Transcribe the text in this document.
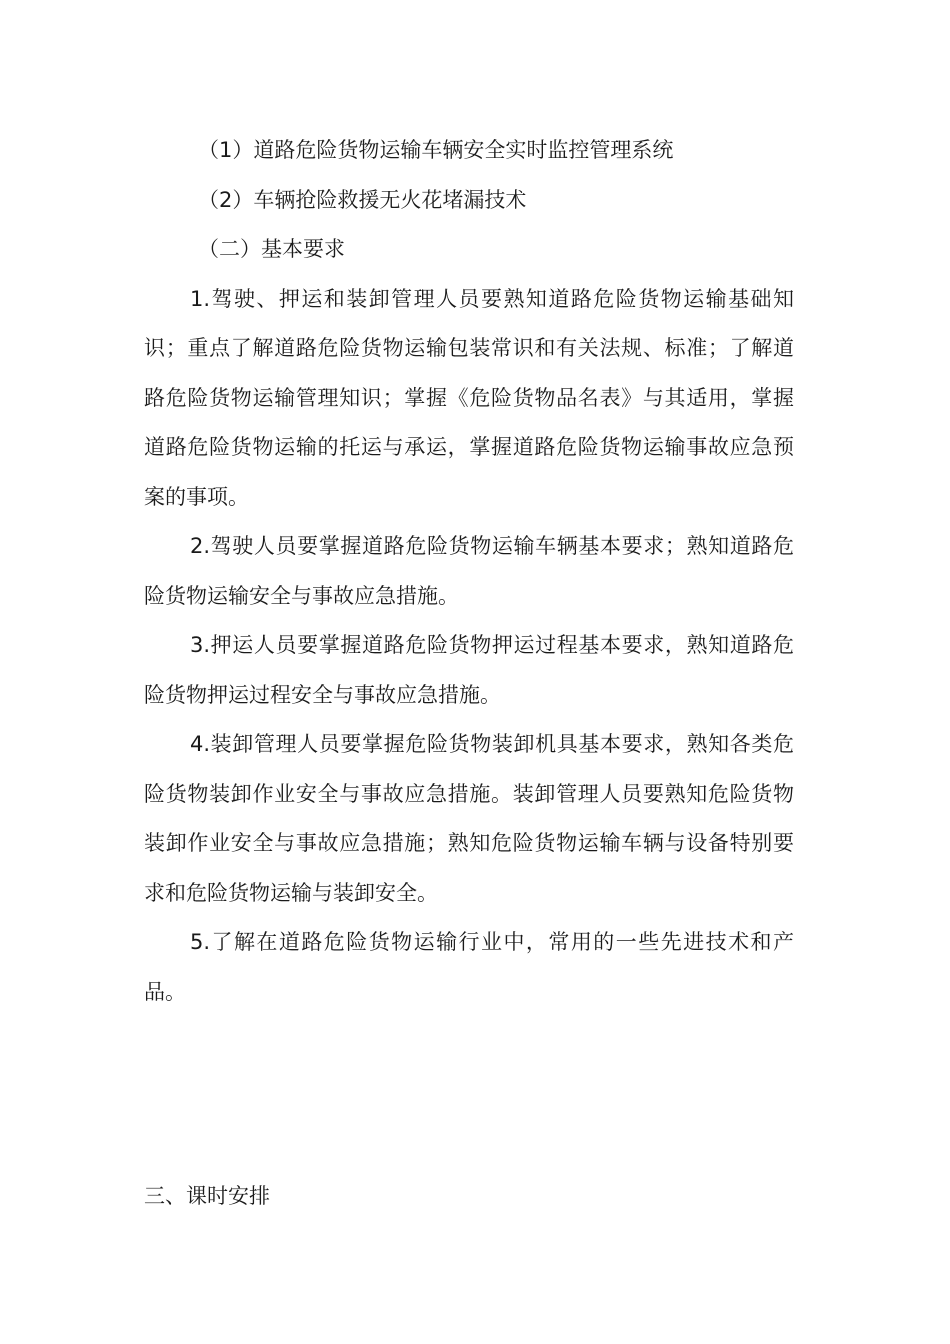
（1）道路危险货物运输车辆安全实时监控管理系统
（2）车辆抢险救援无火花堵漏技术
（二）基本要求

1.驾驶、押运和装卸管理人员要熟知道路危险货物运输基础知识；重点了解道路危险货物运输包装常识和有关法规、标准；了解道路危险货物运输管理知识；掌握《危险货物品名表》与其适用，掌握道路危险货物运输的托运与承运，掌握道路危险货物运输事故应急预案的事项。

2.驾驶人员要掌握道路危险货物运输车辆基本要求；熟知道路危险货物运输安全与事故应急措施。

3.押运人员要掌握道路危险货物押运过程基本要求，熟知道路危险货物押运过程安全与事故应急措施。

4.装卸管理人员要掌握危险货物装卸机具基本要求，熟知各类危险货物装卸作业安全与事故应急措施。装卸管理人员要熟知危险货物装卸作业安全与事故应急措施；熟知危险货物运输车辆与设备特别要求和危险货物运输与装卸安全。

5.了解在道路危险货物运输行业中，常用的一些先进技术和产品。

三、课时安排
